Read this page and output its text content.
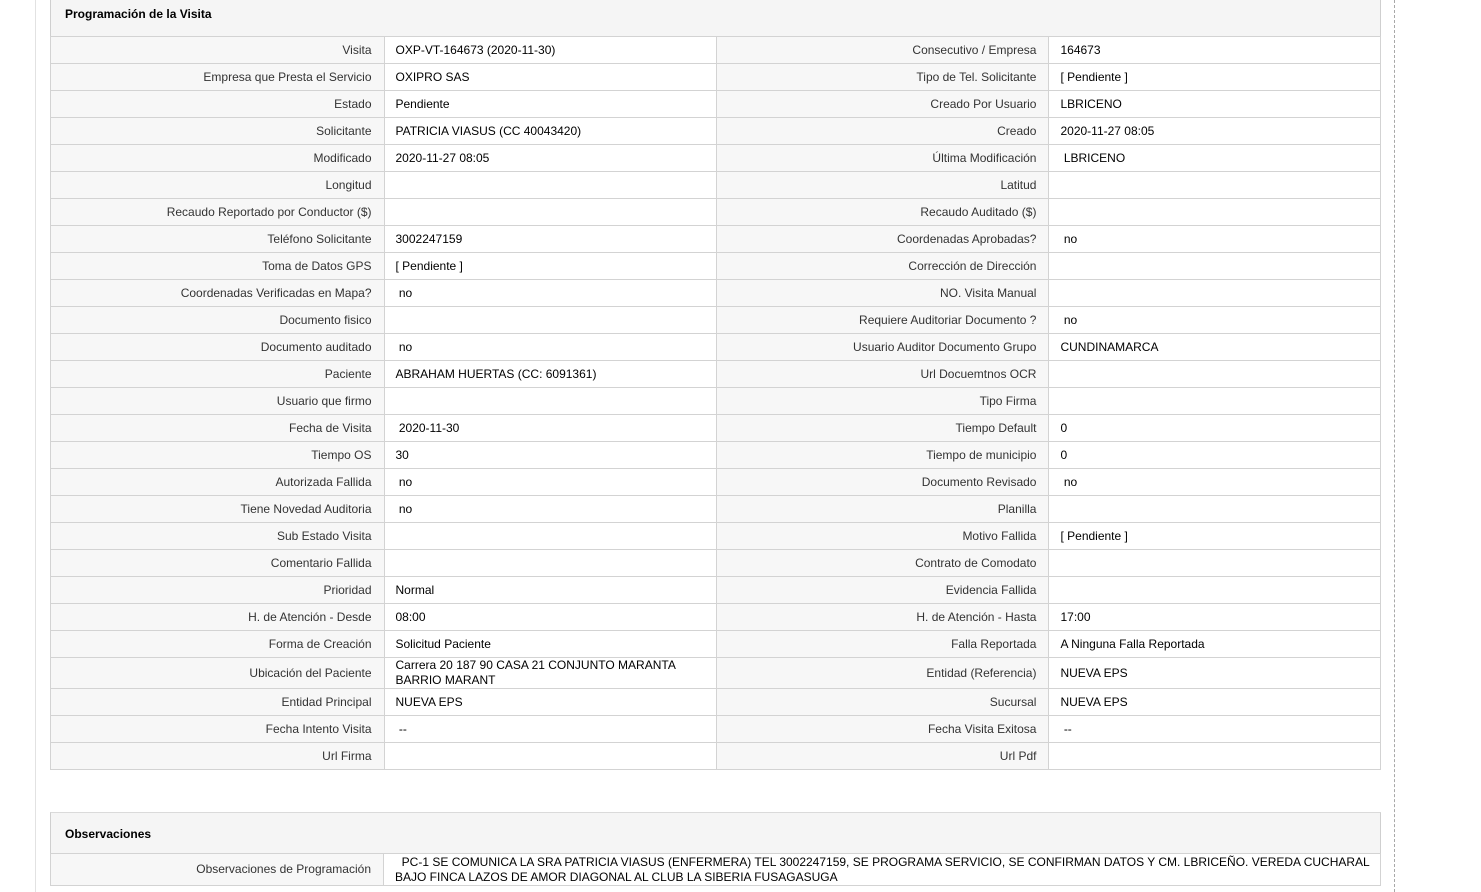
Programación de la Visita
Visita	OXP-VT-164673 (2020-11-30)	Consecutivo / Empresa	164673
Empresa que Presta el Servicio	OXIPRO SAS	Tipo de Tel. Solicitante	[ Pendiente ]
Estado	Pendiente	Creado Por Usuario	LBRICENO
Solicitante	PATRICIA VIASUS (CC 40043420)	Creado	2020-11-27 08:05
Modificado	2020-11-27 08:05	Última Modificación	LBRICENO
Longitud		Latitud	
Recaudo Reportado por Conductor ($)		Recaudo Auditado ($)	
Teléfono Solicitante	3002247159	Coordenadas Aprobadas?	no
Toma de Datos GPS	[ Pendiente ]	Corrección de Dirección	
Coordenadas Verificadas en Mapa?	no	NO. Visita Manual	
Documento fisico		Requiere Auditoriar Documento ?	no
Documento auditado	no	Usuario Auditor Documento Grupo	CUNDINAMARCA
Paciente	ABRAHAM HUERTAS (CC: 6091361)	Url Docuemtnos OCR	
Usuario que firmo		Tipo Firma	
Fecha de Visita	2020-11-30	Tiempo Default	0
Tiempo OS	30	Tiempo de municipio	0
Autorizada Fallida	no	Documento Revisado	no
Tiene Novedad Auditoria	no	Planilla	
Sub Estado Visita		Motivo Fallida	[ Pendiente ]
Comentario Fallida		Contrato de Comodato	
Prioridad	Normal	Evidencia Fallida	
H. de Atención - Desde	08:00	H. de Atención - Hasta	17:00
Forma de Creación	Solicitud Paciente	Falla Reportada	A Ninguna Falla Reportada
Ubicación del Paciente	Carrera 20 187 90 CASA 21 CONJUNTO MARANTA BARRIO MARANT	Entidad (Referencia)	NUEVA EPS
Entidad Principal	NUEVA EPS	Sucursal	NUEVA EPS
Fecha Intento Visita	--	Fecha Visita Exitosa	--
Url Firma		Url Pdf	
Observaciones
Observaciones de Programación	PC-1 SE COMUNICA LA SRA PATRICIA VIASUS (ENFERMERA) TEL 3002247159, SE PROGRAMA SERVICIO, SE CONFIRMAN DATOS Y CM. LBRICEÑO. VEREDA CUCHARAL BAJO FINCA LAZOS DE AMOR DIAGONAL AL CLUB LA SIBERIA FUSAGASUGA
